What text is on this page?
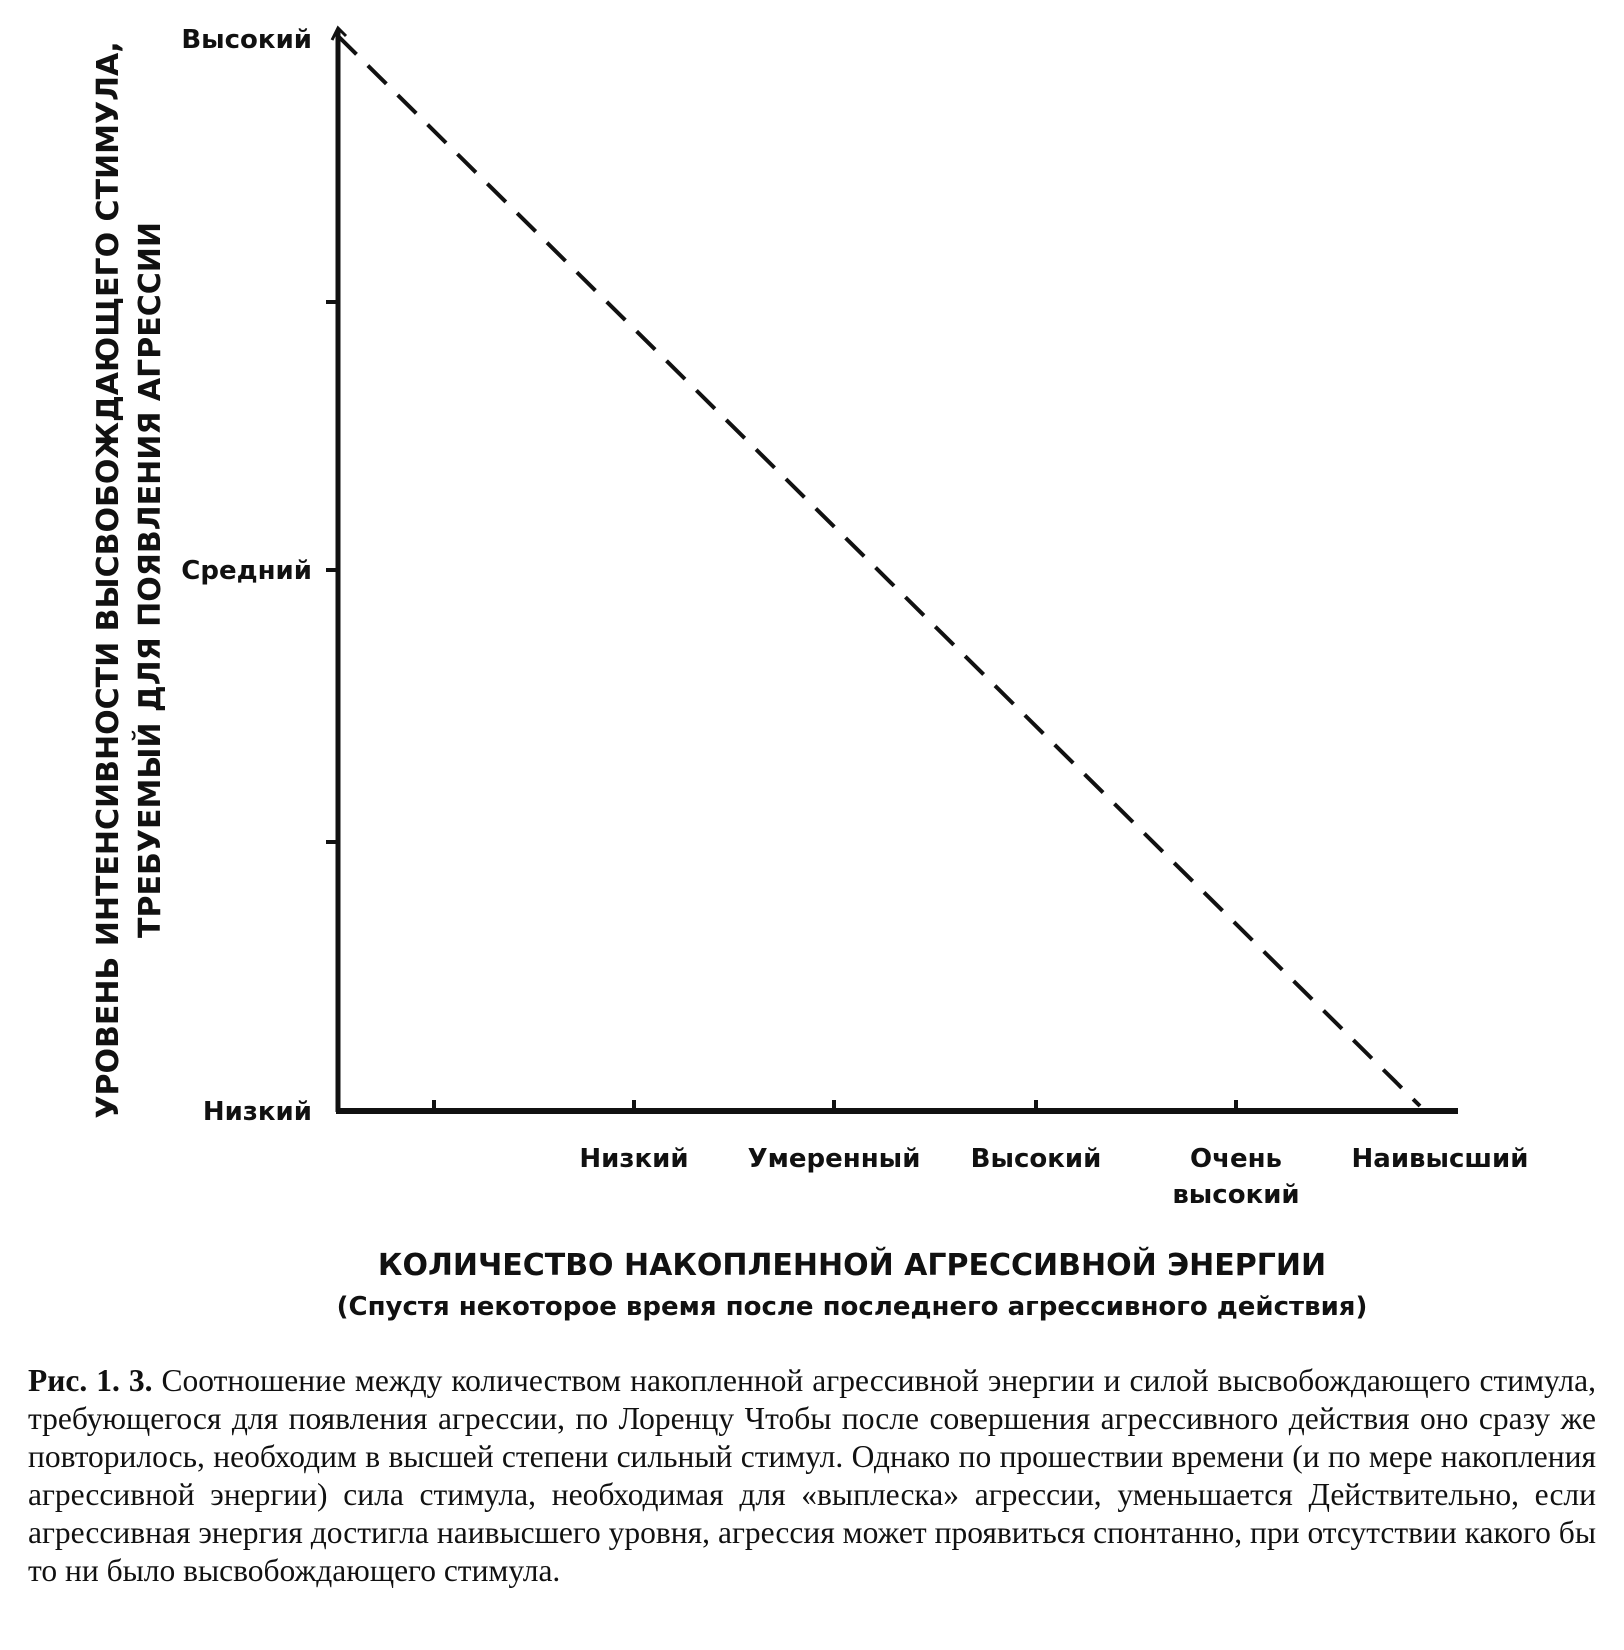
Высокий
Средний
Низкий
Низкий Умеренный Высокий	Очень высокий
Наивысший
КОЛИЧЕСТВО НАКОПЛЕННОЙ АГРЕССИВНОЙ ЭНЕРГИИ
(Спустя некоторое время после последнего агрессивного действия)
УРОВЕНЬ ИНТЕНСИВНОСТИ ВЫСВОБОЖДАЮЩЕГО СТИМУЛА, ТРЕБУЕМЫЙ ДЛЯ ПОЯВЛЕНИЯ АГРЕССИИ

Рис. 1. 3. Соотношение между количеством накопленной агрессивной энергии и силой высвобождающего стимула, требующегося для появления агрессии, по Лоренцу Чтобы после совершения агрессивного действия оно сразу же повторилось, необходим в высшей степени сильный стимул. Однако по прошествии времени (и по мере накопления агрессивной энергии) сила стимула, необходимая для «выплеска» агрессии, уменьшается Действительно, если агрессивная энергия достигла наивысшего уровня, агрессия может проявиться спонтанно, при отсутствии какого бы то ни было высвобождающего стимула.
